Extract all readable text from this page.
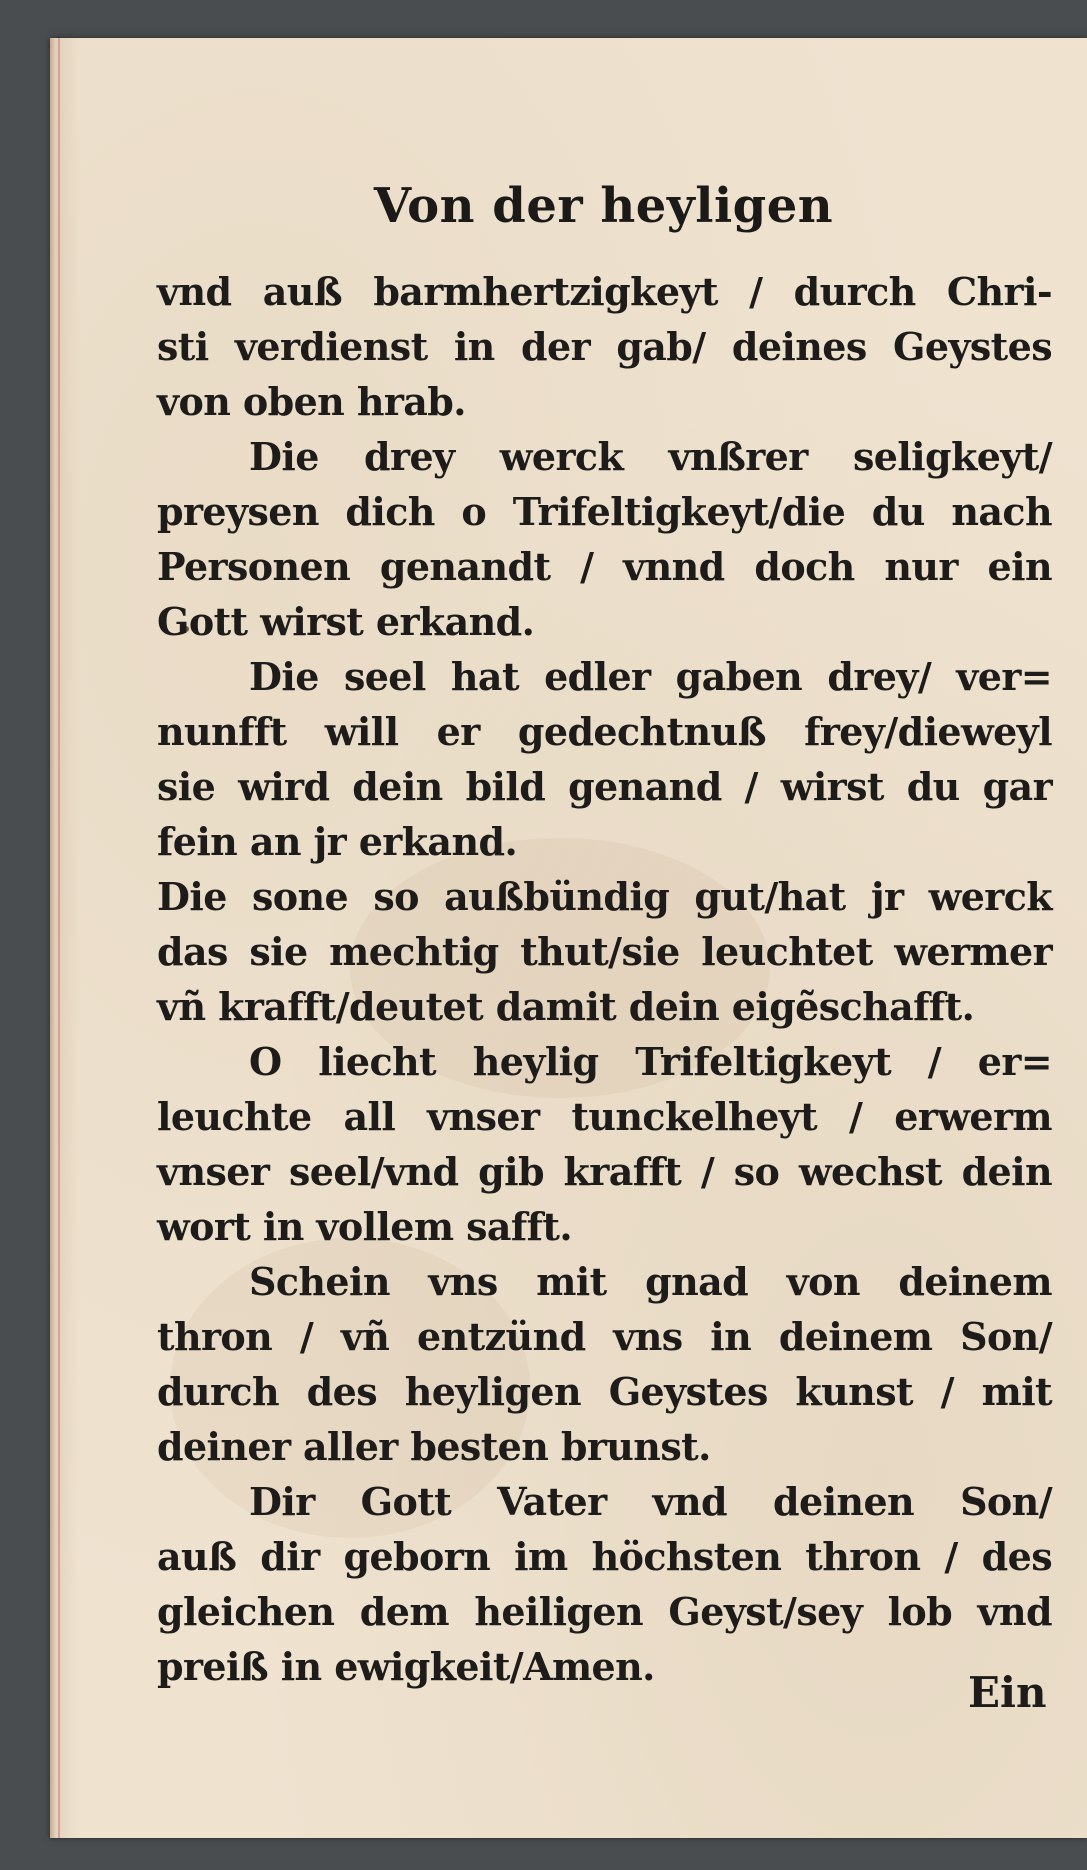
Von der heyligen
vnd auß barmhertzigkeyt / durch Chri-
sti verdienst in der gab/ deines Geystes
von oben hrab.
Die drey werck vnßrer seligkeyt/
preysen dich o Trifeltigkeyt/die du nach
Personen genandt / vnnd doch nur ein
Gott wirst erkand.
Die seel hat edler gaben drey/ ver=
nunfft will er gedechtnuß frey/dieweyl
sie wird dein bild genand / wirst du gar
fein an jr erkand.
Die sone so außbündig gut/hat jr werck
das sie mechtig thut/sie leuchtet wermer
vñ krafft/deutet damit dein eigẽschafft.
O liecht heylig Trifeltigkeyt / er=
leuchte all vnser tunckelheyt / erwerm
vnser seel/vnd gib krafft / so wechst dein
wort in vollem safft.
Schein vns mit gnad von deinem
thron / vñ entzünd vns in deinem Son/
durch des heyligen Geystes kunst / mit
deiner aller besten brunst.
Dir Gott Vater vnd deinen Son/
auß dir geborn im höchsten thron / des
gleichen dem heiligen Geyst/sey lob vnd
preiß in ewigkeit/Amen.
Ein
